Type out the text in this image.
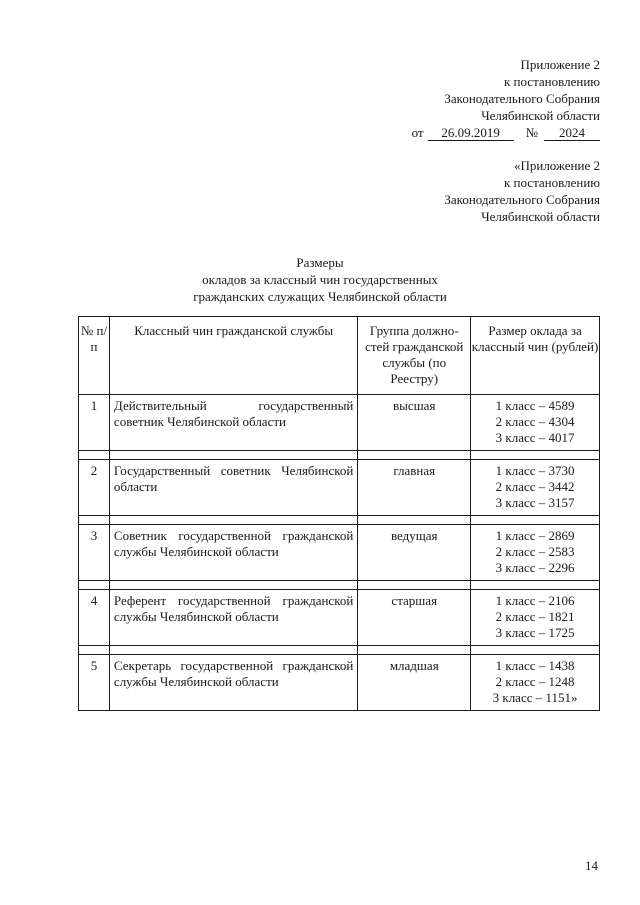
Приложение 2
к постановлению
Законодательного Собрания
Челябинской области
от	26.09.2019	№	2024
«Приложение 2
к постановлению
Законодательного Собрания
Челябинской области
Размеры
окладов за классный чин государственных
гражданских служащих Челябинской области
№ п/п	Классный чин гражданской службы	Группа должно-стей гражданской службы (по Реестру)	Размер оклада за классный чин (рублей)
1	Действительный государственный советник Челябинской области	высшая	1 класс – 4589
2 класс – 4304
3 класс – 4017

2	Государственный советник Челябинской области	главная	1 класс – 3730
2 класс – 3442
3 класс – 3157

3	Советник государственной гражданской службы Челябинской области	ведущая	1 класс – 2869
2 класс – 2583
3 класс – 2296

4	Референт государственной гражданской службы Челябинской области	старшая	1 класс – 2106
2 класс – 1821
3 класс – 1725

5	Секретарь государственной гражданской службы Челябинской области	младшая	1 класс – 1438
2 класс – 1248
3 класс – 1151»
14
